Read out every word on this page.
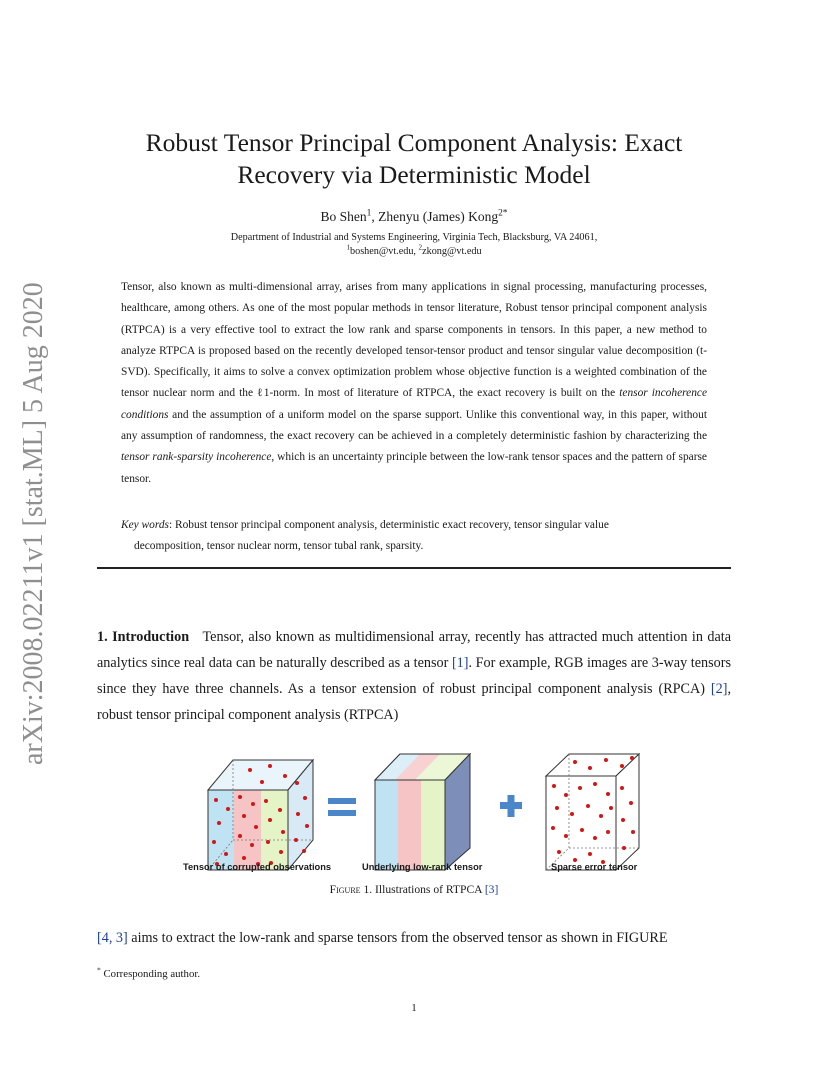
arXiv:2008.02211v1 [stat.ML] 5 Aug 2020
Robust Tensor Principal Component Analysis: Exact
Recovery via Deterministic Model
Bo Shen$^1$, Zhenyu (James) Kong$^{2*}$
Department of Industrial and Systems Engineering, Virginia Tech, Blacksburg, VA 24061,
$^1$boshen@vt.edu, $^2$zkong@vt.edu
Tensor, also known as multi-dimensional array, arises from many applications in signal processing, manufacturing processes, healthcare, among others. As one of the most popular methods in tensor literature, Robust tensor principal component analysis (RTPCA) is a very effective tool to extract the low rank and sparse components in tensors. In this paper, a new method to analyze RTPCA is proposed based on the recently developed tensor-tensor product and tensor singular value decomposition (t-SVD). Specifically, it aims to solve a convex optimization problem whose objective function is a weighted combination of the tensor nuclear norm and the ℓ1-norm. In most of literature of RTPCA, the exact recovery is built on the tensor incoherence conditions and the assumption of a uniform model on the sparse support. Unlike this conventional way, in this paper, without any assumption of randomness, the exact recovery can be achieved in a completely deterministic fashion by characterizing the tensor rank-sparsity incoherence, which is an uncertainty principle between the low-rank tensor spaces and the pattern of sparse tensor.
Key words: Robust tensor principal component analysis, deterministic exact recovery, tensor singular value
decomposition, tensor nuclear norm, tensor tubal rank, sparsity.
1. Introduction Tensor, also known as multidimensional array, recently has attracted much attention in data analytics since real data can be naturally described as a tensor [1]. For example, RGB images are 3-way tensors since they have three channels. As a tensor extension of robust principal component analysis (RPCA) [2], robust tensor principal component analysis (RTPCA)
Tensor of corrupted observations	Underlying low-rank tensor	Sparse error tensor
Figure 1. Illustrations of RTPCA [3]
[4, 3] aims to extract the low-rank and sparse tensors from the observed tensor as shown in FIGURE
* Corresponding author.
1
